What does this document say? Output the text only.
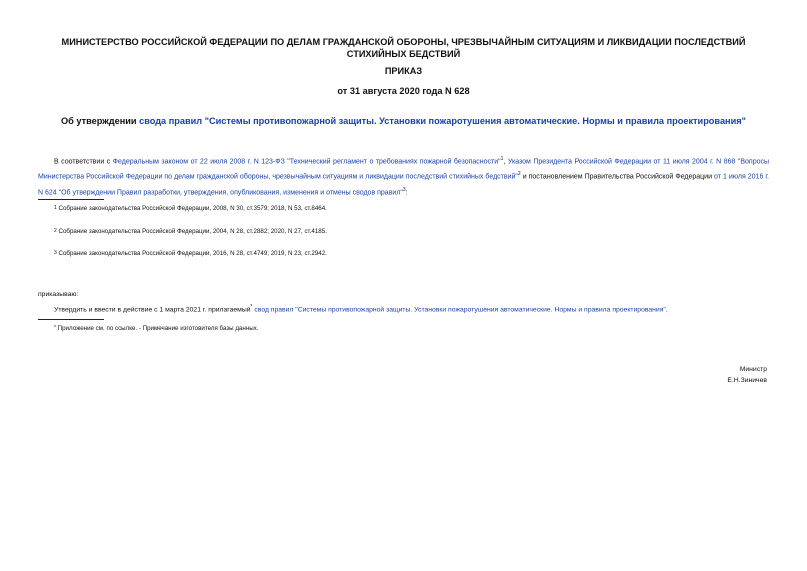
МИНИСТЕРСТВО РОССИЙСКОЙ ФЕДЕРАЦИИ ПО ДЕЛАМ ГРАЖДАНСКОЙ ОБОРОНЫ, ЧРЕЗВЫЧАЙНЫМ СИТУАЦИЯМ И ЛИКВИДАЦИИ ПОСЛЕДСТВИЙ СТИХИЙНЫХ БЕДСТВИЙ
ПРИКАЗ
от 31 августа 2020 года N 628
Об утверждении свода правил "Системы противопожарной защиты. Установки пожаротушения автоматические. Нормы и правила проектирования"
В соответствии с Федеральным законом от 22 июля 2008 г. N 123-ФЗ "Технический регламент о требованиях пожарной безопасности"$^1$, Указом Президента Российской Федерации от 11 июля 2004 г. N 868 "Вопросы Министерства Российской Федерации по делам гражданской обороны, чрезвычайным ситуациям и ликвидации последствий стихийных бедствий"$^2$ и постановлением Правительства Российской Федерации от 1 июля 2016 г. N 624 "Об утверждении Правил разработки, утверждения, опубликования, изменения и отмены сводов правил"$^3$:
$^1$ Собрание законодательства Российской Федерации, 2008, N 30, ст.3579; 2018, N 53, ст.8464.
$^2$ Собрание законодательства Российской Федерации, 2004, N 28, ст.2882; 2020, N 27, ст.4185.
$^3$ Собрание законодательства Российской Федерации, 2016, N 28, ст.4749; 2019, N 23, ст.2942.
приказываю:
Утвердить и ввести в действие с 1 марта 2021 г. прилагаемый* свод правил "Системы противопожарной защиты. Установки пожаротушения автоматические. Нормы и правила проектирования".
* Приложение см. по ссылке. - Примечание изготовителя базы данных.
Министр
Е.Н.Зиничев
